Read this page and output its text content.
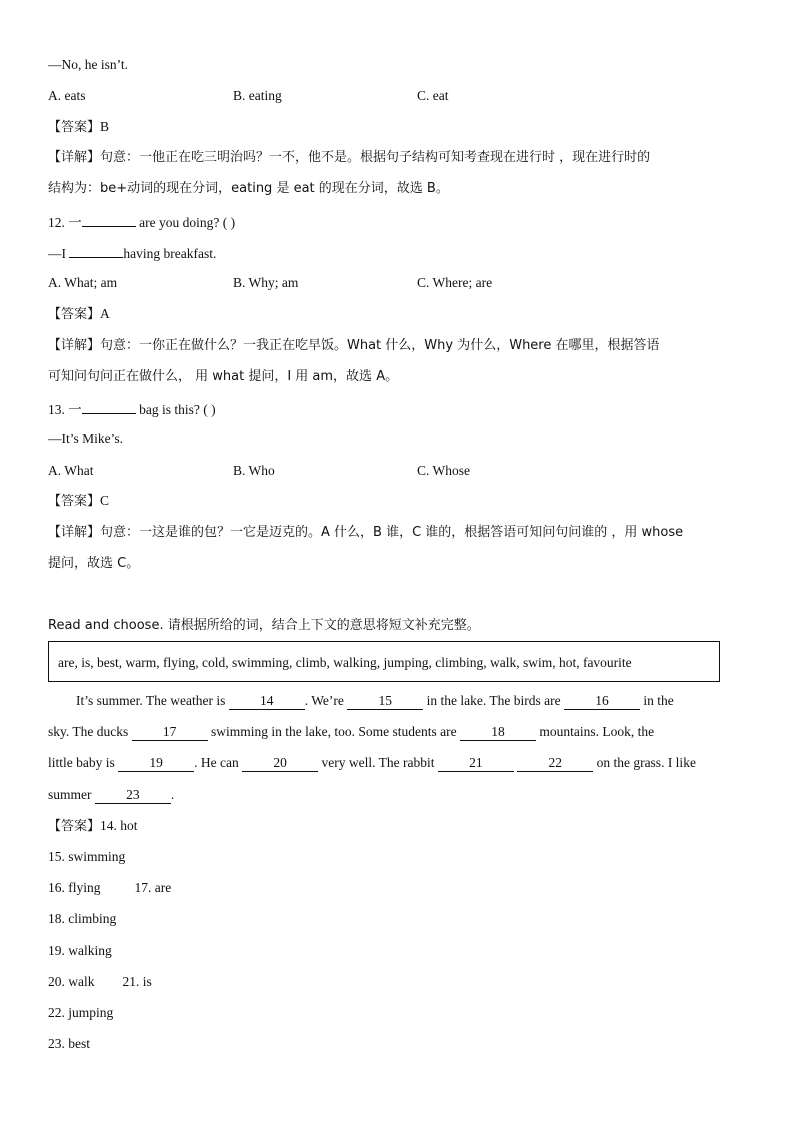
—No, he isn’t.
A. eats	B. eating	C. eat
【答案】B
【详解】句意：一他正在吃三明治吗？一不，他不是。根据句子结构可知考查现在进行时 ，现在进行时的
结构为：be+动词的现在分词，eating 是 eat 的现在分词，故选 B。
12. 一	are you doing? ( )
—I	having breakfast.
A. What; am	B. Why; am	C. Where; are
【答案】A
【详解】句意：一你正在做什么？一我正在吃早饭。What 什么，Why 为什么，Where 在哪里，根据答语
可知问句问正在做什么， 用 what 提问，I 用 am，故选 A。
13. 一	bag is this? ( )
—It’s Mike’s.
A. What	B. Who	C. Whose
【答案】C
【详解】句意：一这是谁的包？一它是迈克的。A 什么，B 谁，C 谁的，根据答语可知问句问谁的 ，用 whose
提问，故选 C。
Read and choose. 请根据所给的词，结合上下文的意思将短文补充完整。
are, is, best, warm, flying, cold, swimming, climb, walking, jumping, climbing, walk, swim, hot, favourite
It’s summer. The weather is 14 . We’re 15 in the lake. The birds are 16 in the
sky. The ducks 17 swimming in the lake, too. Some students are 18 mountains. Look, the
little baby is 19 . He can 20 very well. The rabbit 21	22 on the grass. I like
summer 23 .
【答案】14. hot
15. swimming
16. flying	17. are
18. climbing
19. walking
20. walk 21. is
22. jumping
23. best
